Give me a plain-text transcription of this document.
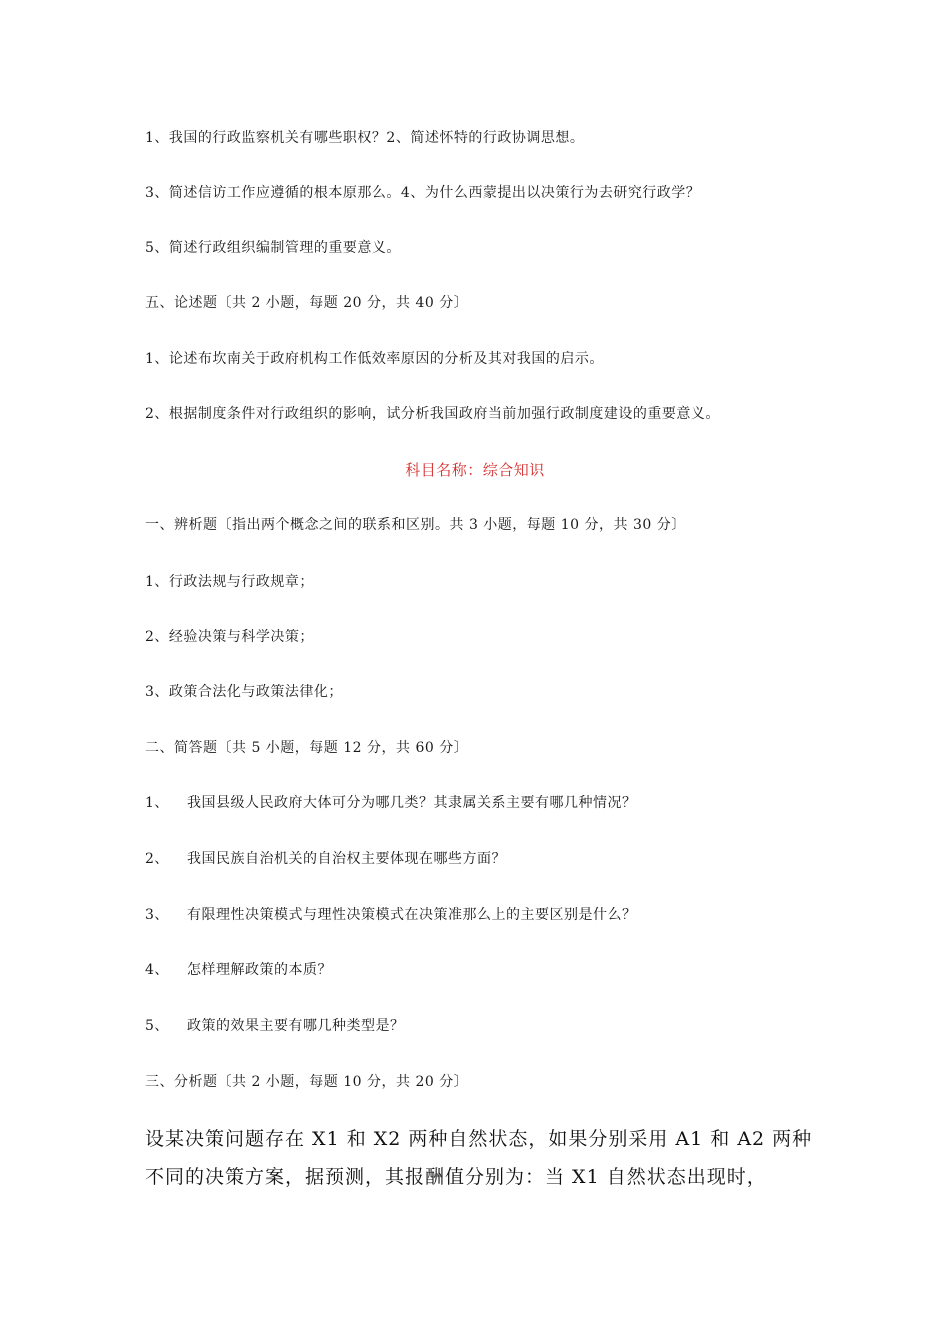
1、我国的行政监察机关有哪些职权？2、简述怀特的行政协调思想。
3、简述信访工作应遵循的根本原那么。4、为什么西蒙提出以决策行为去研究行政学？
5、简述行政组织编制管理的重要意义。
五、论述题〔共 2 小题，每题 20 分，共 40 分〕
1、论述布坎南关于政府机构工作低效率原因的分析及其对我国的启示。
2、根据制度条件对行政组织的影响，试分析我国政府当前加强行政制度建设的重要意义。
科目名称：综合知识
一、辨析题〔指出两个概念之间的联系和区别。共 3 小题，每题 10 分，共 30 分〕
1、行政法规与行政规章；
2、经验决策与科学决策；
3、政策合法化与政策法律化；
二、简答题〔共 5 小题，每题 12 分，共 60 分〕
1、 我国县级人民政府大体可分为哪几类？其隶属关系主要有哪几种情况？
2、 我国民族自治机关的自治权主要体现在哪些方面？
3、 有限理性决策模式与理性决策模式在决策准那么上的主要区别是什么？
4、 怎样理解政策的本质？
5、 政策的效果主要有哪几种类型是？
三、分析题〔共 2 小题，每题 10 分，共 20 分〕
设某决策问题存在 X1 和 X2 两种自然状态，如果分别采用 A1 和 A2 两种
不同的决策方案，据预测，其报酬值分别为：当 X1 自然状态出现时，
